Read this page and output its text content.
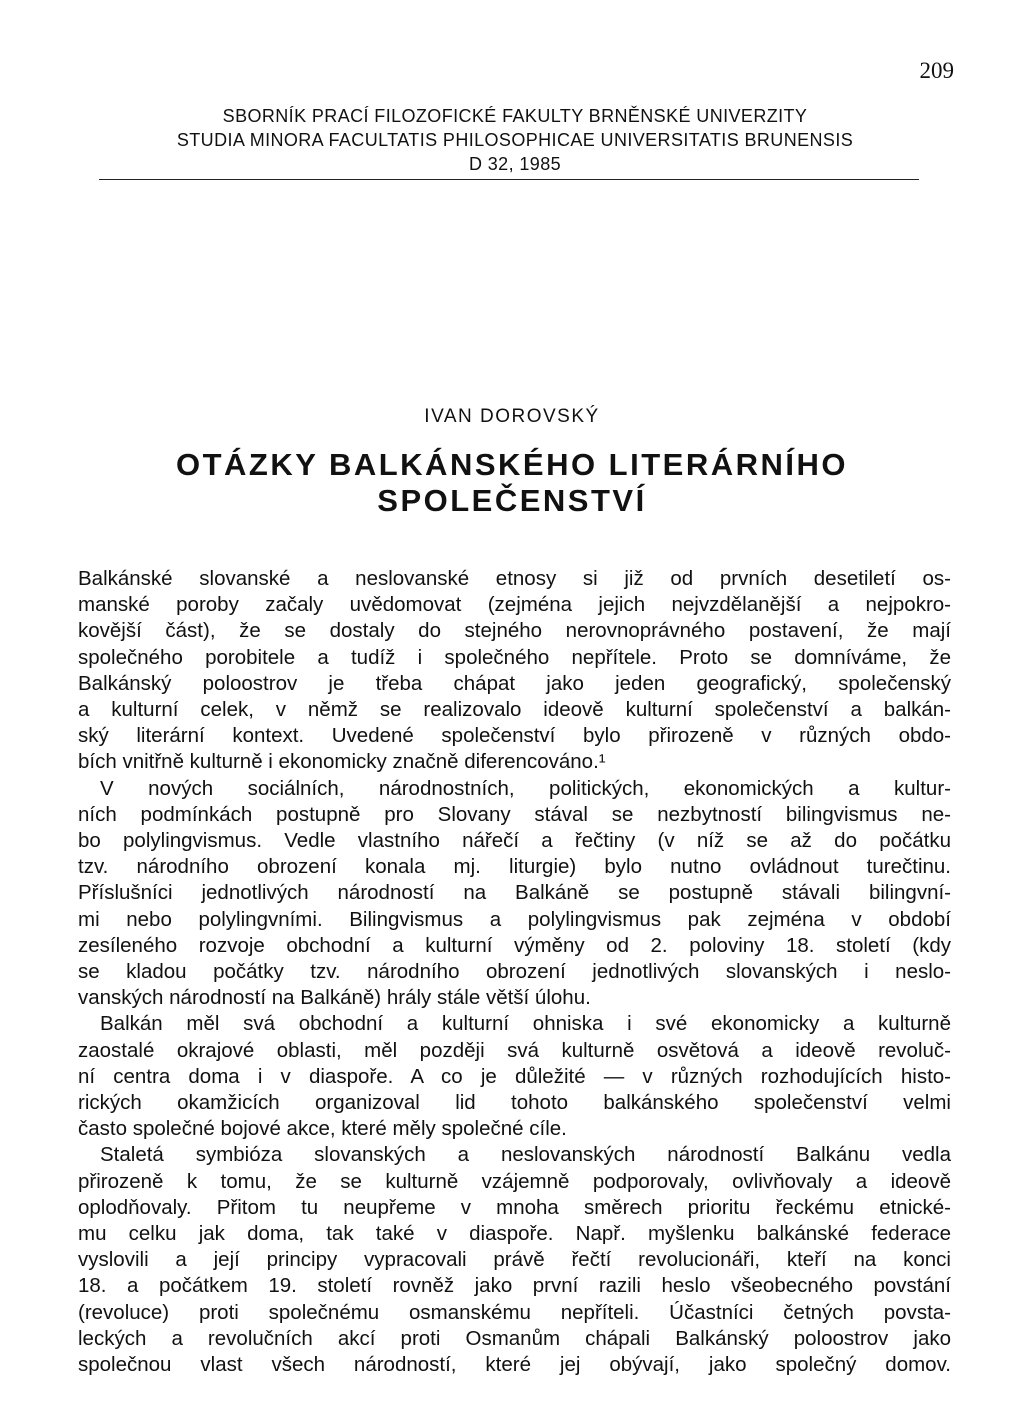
209
SBORNÍK PRACÍ FILOZOFICKÉ FAKULTY BRNĚNSKÉ UNIVERZITY
STUDIA MINORA FACULTATIS PHILOSOPHICAE UNIVERSITATIS BRUNENSIS
D 32, 1985
IVAN DOROVSKÝ
OTÁZKY BALKÁNSKÉHO LITERÁRNÍHO
SPOLEČENSTVÍ
Balkánské slovanské a neslovanské etnosy si již od prvních desetiletí os-
manské poroby začaly uvědomovat (zejména jejich nejvzdělanější a nejpokro-
kovější část), že se dostaly do stejného nerovnoprávného postavení, že mají
společného porobitele a tudíž i společného nepřítele. Proto se domníváme, že
Balkánský poloostrov je třeba chápat jako jeden geografický, společenský
a kulturní celek, v němž se realizovalo ideově kulturní společenství a balkán-
ský literární kontext. Uvedené společenství bylo přirozeně v různých obdo-
bích vnitřně kulturně i ekonomicky značně diferencováno.¹
V nových sociálních, národnostních, politických, ekonomických a kultur-
ních podmínkách postupně pro Slovany stával se nezbytností bilingvismus ne-
bo polylingvismus. Vedle vlastního nářečí a řečtiny (v níž se až do počátku
tzv. národního obrození konala mj. liturgie) bylo nutno ovládnout turečtinu.
Příslušníci jednotlivých národností na Balkáně se postupně stávali bilingvní-
mi nebo polylingvními. Bilingvismus a polylingvismus pak zejména v období
zesíleného rozvoje obchodní a kulturní výměny od 2. poloviny 18. století (kdy
se kladou počátky tzv. národního obrození jednotlivých slovanských i neslo-
vanských národností na Balkáně) hrály stále větší úlohu.
Balkán měl svá obchodní a kulturní ohniska i své ekonomicky a kulturně
zaostalé okrajové oblasti, měl později svá kulturně osvětová a ideově revoluč-
ní centra doma i v diaspoře. A co je důležité — v různých rozhodujících histo-
rických okamžicích organizoval lid tohoto balkánského společenství velmi
často společné bojové akce, které měly společné cíle.
Staletá symbióza slovanských a neslovanských národností Balkánu vedla
přirozeně k tomu, že se kulturně vzájemně podporovaly, ovlivňovaly a ideově
oplodňovaly. Přitom tu neupřeme v mnoha směrech prioritu řeckému etnické-
mu celku jak doma, tak také v diaspoře. Např. myšlenku balkánské federace
vyslovili a její principy vypracovali právě řečtí revolucionáři, kteří na konci
18. a počátkem 19. století rovněž jako první razili heslo všeobecného povstání
(revoluce) proti společnému osmanskému nepříteli. Účastníci četných povsta-
leckých a revolučních akcí proti Osmanům chápali Balkánský poloostrov jako
společnou vlast všech národností, které jej obývají, jako společný domov.
